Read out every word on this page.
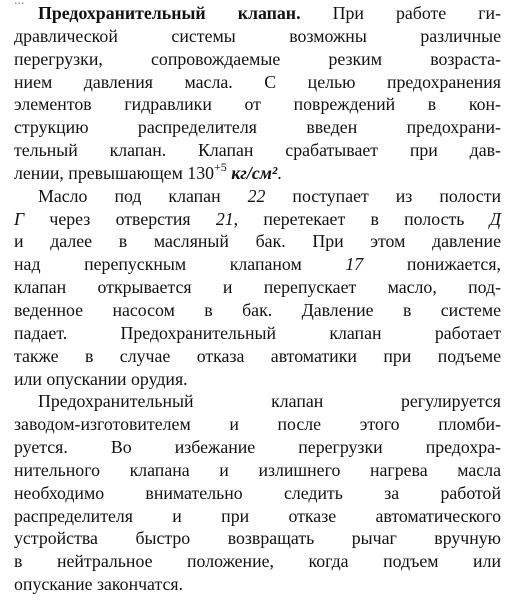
...
Предохранительный клапан. При работе ги-
дравлической системы возможны различные
перегрузки, сопровождаемые резким возраста-
нием давления масла. С целью предохранения
элементов гидравлики от повреждений в кон-
струкцию распределителя введен предохрани-
тельный клапан. Клапан срабатывает при дав-
лении, превышающем $130^{+5}$ кг/см².
Масло под клапан 22 поступает из полости
Г через отверстия 21, перетекает в полость Д
и далее в масляный бак. При этом давление
над перепускным клапаном 17 понижается,
клапан открывается и перепускает масло, под-
веденное насосом в бак. Давление в системе
падает. Предохранительный клапан работает
также в случае отказа автоматики при подъеме
или опускании орудия.
Предохранительный клапан регулируется
заводом-изготовителем и после этого пломби-
руется. Во избежание перегрузки предохра-
нительного клапана и излишнего нагрева масла
необходимо внимательно следить за работой
распределителя и при отказе автоматического
устройства быстро возвращать рычаг вручную
в нейтральное положение, когда подъем или
опускание закончатся.
